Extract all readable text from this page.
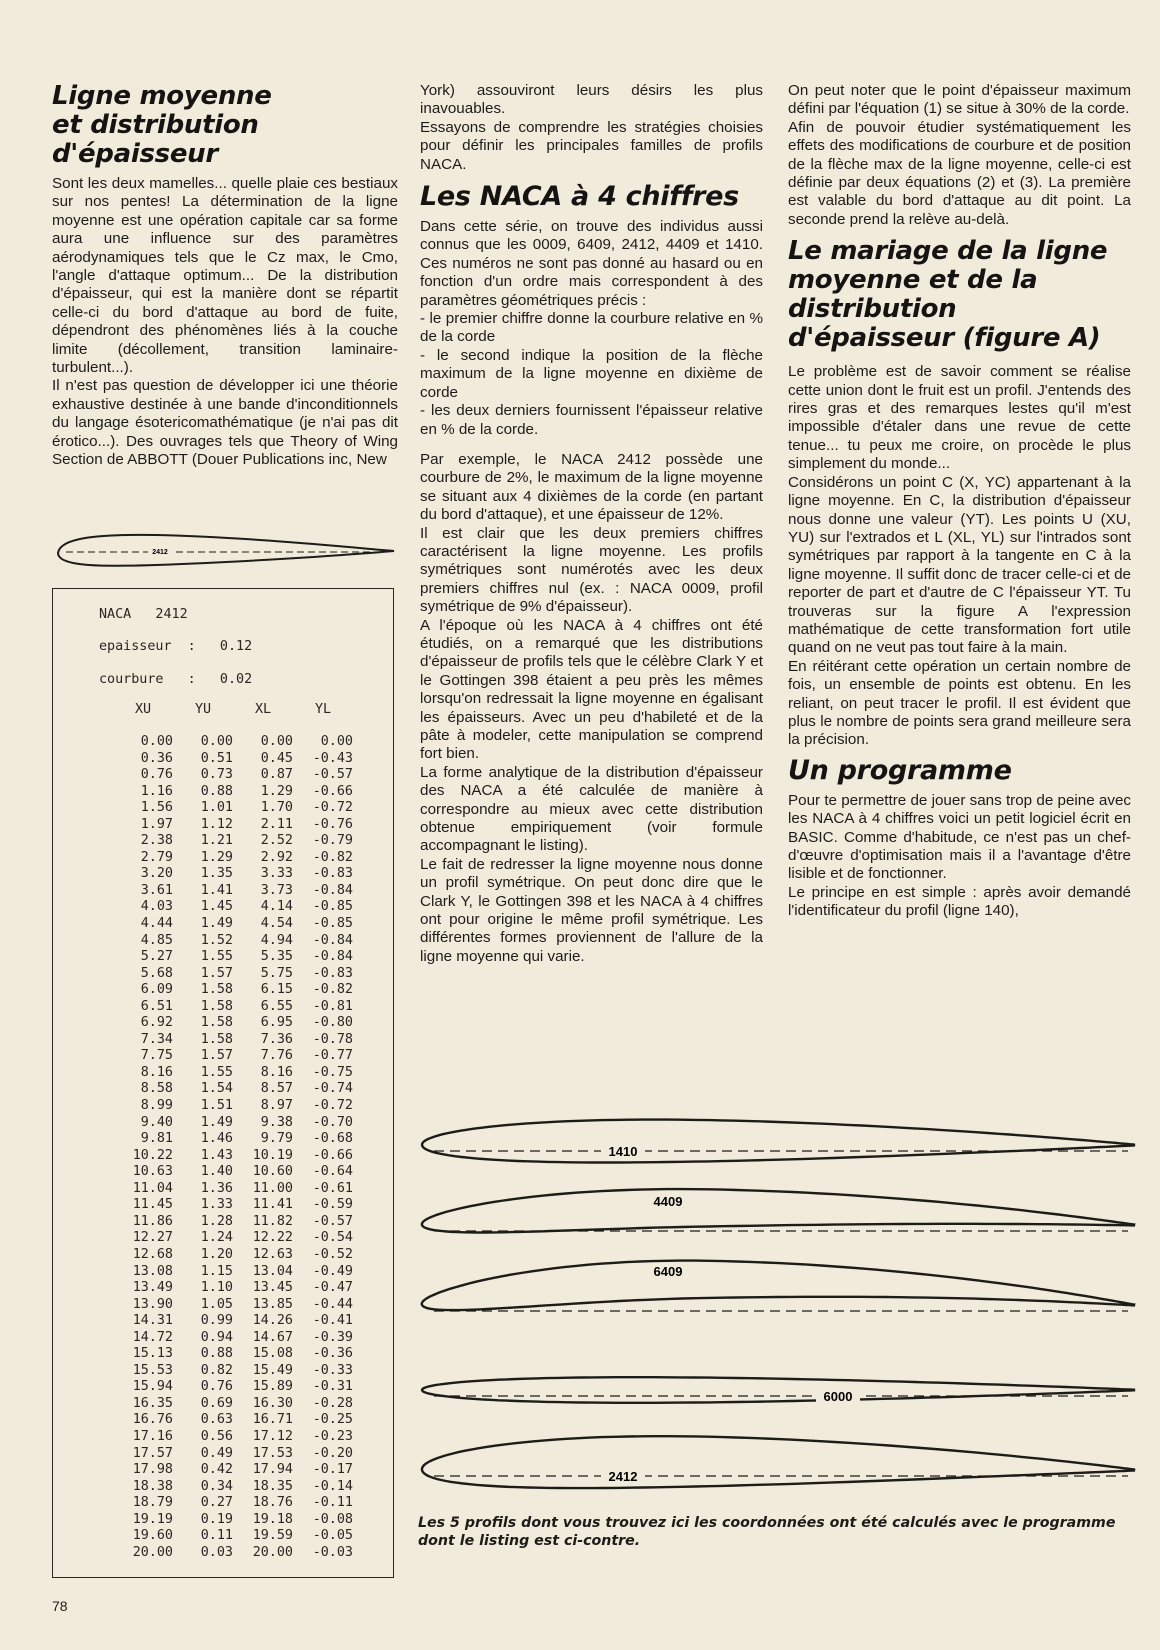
Ligne moyenne
et distribution
d'épaisseur

Sont les deux mamelles... quelle plaie ces bestiaux sur nos pentes! La détermination de la ligne moyenne est une opération capitale car sa forme aura une influence sur des paramètres aérodynamiques tels que le Cz max, le Cmo, l'angle d'attaque optimum... De la distribution d'épaisseur, qui est la manière dont se répartit celle-ci du bord d'attaque au bord de fuite, dépendront des phénomènes liés à la couche limite (décollement, transition laminaire-turbulent...).

Il n'est pas question de développer ici une théorie exhaustive destinée à une bande d'inconditionnels du langage ésotericomathématique (je n'ai pas dit érotico...). Des ouvrages tels que Theory of Wing Section de ABBOTT (Douer Publications inc, New

2412
NACA   2412
epaisseur  :   0.12
courbure   :   0.02
XU	YU	XL	YL
0.00 0.00 0.00 0.00
0.36 0.51 0.45 -0.43
0.76 0.73 0.87 -0.57
1.16 0.88 1.29 -0.66
1.56 1.01 1.70 -0.72
1.97 1.12 2.11 -0.76
2.38 1.21 2.52 -0.79
2.79 1.29 2.92 -0.82
3.20 1.35 3.33 -0.83
3.61 1.41 3.73 -0.84
4.03 1.45 4.14 -0.85
4.44 1.49 4.54 -0.85
4.85 1.52 4.94 -0.84
5.27 1.55 5.35 -0.84
5.68 1.57 5.75 -0.83
6.09 1.58 6.15 -0.82
6.51 1.58 6.55 -0.81
6.92 1.58 6.95 -0.80
7.34 1.58 7.36 -0.78
7.75 1.57 7.76 -0.77
8.16 1.55 8.16 -0.75
8.58 1.54 8.57 -0.74
8.99 1.51 8.97 -0.72
9.40 1.49 9.38 -0.70
9.81 1.46 9.79 -0.68
10.22 1.43 10.19 -0.66
10.63 1.40 10.60 -0.64
11.04 1.36 11.00 -0.61
11.45 1.33 11.41 -0.59
11.86 1.28 11.82 -0.57
12.27 1.24 12.22 -0.54
12.68 1.20 12.63 -0.52
13.08 1.15 13.04 -0.49
13.49 1.10 13.45 -0.47
13.90 1.05 13.85 -0.44
14.31 0.99 14.26 -0.41
14.72 0.94 14.67 -0.39
15.13 0.88 15.08 -0.36
15.53 0.82 15.49 -0.33
15.94 0.76 15.89 -0.31
16.35 0.69 16.30 -0.28
16.76 0.63 16.71 -0.25
17.16 0.56 17.12 -0.23
17.57 0.49 17.53 -0.20
17.98 0.42 17.94 -0.17
18.38 0.34 18.35 -0.14
18.79 0.27 18.76 -0.11
19.19 0.19 19.18 -0.08
19.60 0.11 19.59 -0.05
20.00 0.03 20.00 -0.03

York) assouviront leurs désirs les plus inavouables.

Essayons de comprendre les stratégies choisies pour définir les principales familles de profils NACA.

Les NACA à 4 chiffres

Dans cette série, on trouve des individus aussi connus que les 0009, 6409, 2412, 4409 et 1410. Ces numéros ne sont pas donné au hasard ou en fonction d'un ordre mais correspondent à des paramètres géométriques précis :

- le premier chiffre donne la courbure relative en % de la corde

- le second indique la position de la flèche maximum de la ligne moyenne en dixième de corde

- les deux derniers fournissent l'épaisseur relative en % de la corde.

Par exemple, le NACA 2412 possède une courbure de 2%, le maximum de la ligne moyenne se situant aux 4 dixièmes de la corde (en partant du bord d'attaque), et une épaisseur de 12%.

Il est clair que les deux premiers chiffres caractérisent la ligne moyenne. Les profils symétriques sont numérotés avec les deux premiers chiffres nul (ex. : NACA 0009, profil symétrique de 9% d'épaisseur).

A l'époque où les NACA à 4 chiffres ont été étudiés, on a remarqué que les distributions d'épaisseur de profils tels que le célèbre Clark Y et le Gottingen 398 étaient a peu près les mêmes lorsqu'on redressait la ligne moyenne en égalisant les épaisseurs. Avec un peu d'habileté et de la pâte à modeler, cette manipulation se comprend fort bien.

La forme analytique de la distribution d'épaisseur des NACA a été calculée de manière à correspondre au mieux avec cette distribution obtenue empiriquement (voir formule accompagnant le listing).

Le fait de redresser la ligne moyenne nous donne un profil symétrique. On peut donc dire que le Clark Y, le Gottingen 398 et les NACA à 4 chiffres ont pour origine le même profil symétrique. Les différentes formes proviennent de l'allure de la ligne moyenne qui varie.

On peut noter que le point d'épaisseur maximum défini par l'équation (1) se situe à 30% de la corde.

Afin de pouvoir étudier systématiquement les effets des modifications de courbure et de position de la flèche max de la ligne moyenne, celle-ci est définie par deux équations (2) et (3). La première est valable du bord d'attaque au dit point. La seconde prend la relève au-delà.

Le mariage de la ligne moyenne et de la distribution d'épaisseur (figure A)

Le problème est de savoir comment se réalise cette union dont le fruit est un profil. J'entends des rires gras et des remarques lestes qu'il m'est impossible d'étaler dans une revue de cette tenue... tu peux me croire, on procède le plus simplement du monde...

Considérons un point C (X, YC) appartenant à la ligne moyenne. En C, la distribution d'épaisseur nous donne une valeur (YT). Les points U (XU, YU) sur l'extrados et L (XL, YL) sur l'intrados sont symétriques par rapport à la tangente en C à la ligne moyenne. Il suffit donc de tracer celle-ci et de reporter de part et d'autre de C l'épaisseur YT. Tu trouveras sur la figure A l'expression mathématique de cette transformation fort utile quand on ne veut pas tout faire à la main.

En réitérant cette opération un certain nombre de fois, un ensemble de points est obtenu. En les reliant, on peut tracer le profil. Il est évident que plus le nombre de points sera grand meilleure sera la précision.

Un programme

Pour te permettre de jouer sans trop de peine avec les NACA à 4 chiffres voici un petit logiciel écrit en BASIC. Comme d'habitude, ce n'est pas un chef-d'œuvre d'optimisation mais il a l'avantage d'être lisible et de fonctionner.

Le principe en est simple : après avoir demandé l'identificateur du profil (ligne 140),

1410
4409
6409
6000
2412
Les 5 profils dont vous trouvez ici les coordonnées ont été calculés avec le programme dont le listing est ci-contre.
78
